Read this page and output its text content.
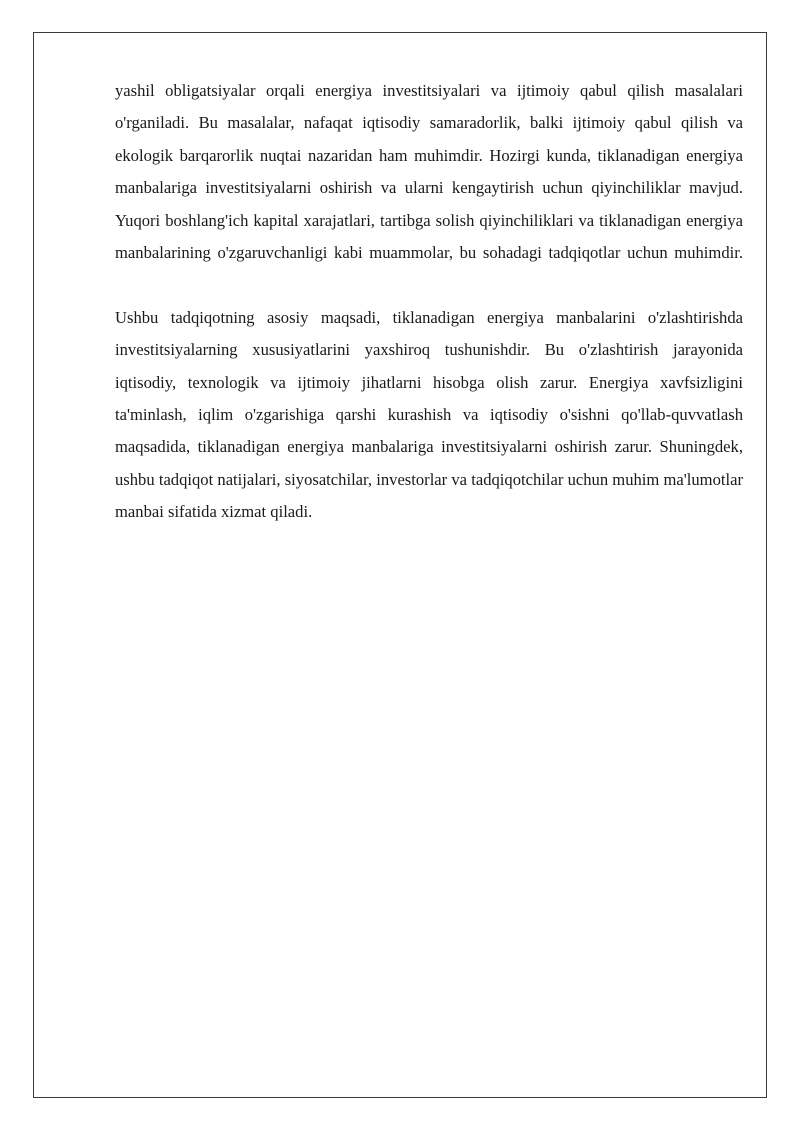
yashil obligatsiyalar orqali energiya investitsiyalari va ijtimoiy qabul qilish masalalari o'rganiladi. Bu masalalar, nafaqat iqtisodiy samaradorlik, balki ijtimoiy qabul qilish va ekologik barqarorlik nuqtai nazaridan ham muhimdir. Hozirgi kunda, tiklanadigan energiya manbalariga investitsiyalarni oshirish va ularni kengaytirish uchun qiyinchiliklar mavjud. Yuqori boshlang'ich kapital xarajatlari, tartibga solish qiyinchiliklari va tiklanadigan energiya manbalarining o'zgaruvchanligi kabi muammolar, bu sohadagi tadqiqotlar uchun muhimdir.

Ushbu tadqiqotning asosiy maqsadi, tiklanadigan energiya manbalarini o'zlashtirishda investitsiyalarning xususiyatlarini yaxshiroq tushunishdir. Bu o'zlashtirish jarayonida iqtisodiy, texnologik va ijtimoiy jihatlarni hisobga olish zarur. Energiya xavfsizligini ta'minlash, iqlim o'zgarishiga qarshi kurashish va iqtisodiy o'sishni qo'llab-quvvatlash maqsadida, tiklanadigan energiya manbalariga investitsiyalarni oshirish zarur. Shuningdek, ushbu tadqiqot natijalari, siyosatchilar, investorlar va tadqiqotchilar uchun muhim ma'lumotlar manbai sifatida xizmat qiladi.
